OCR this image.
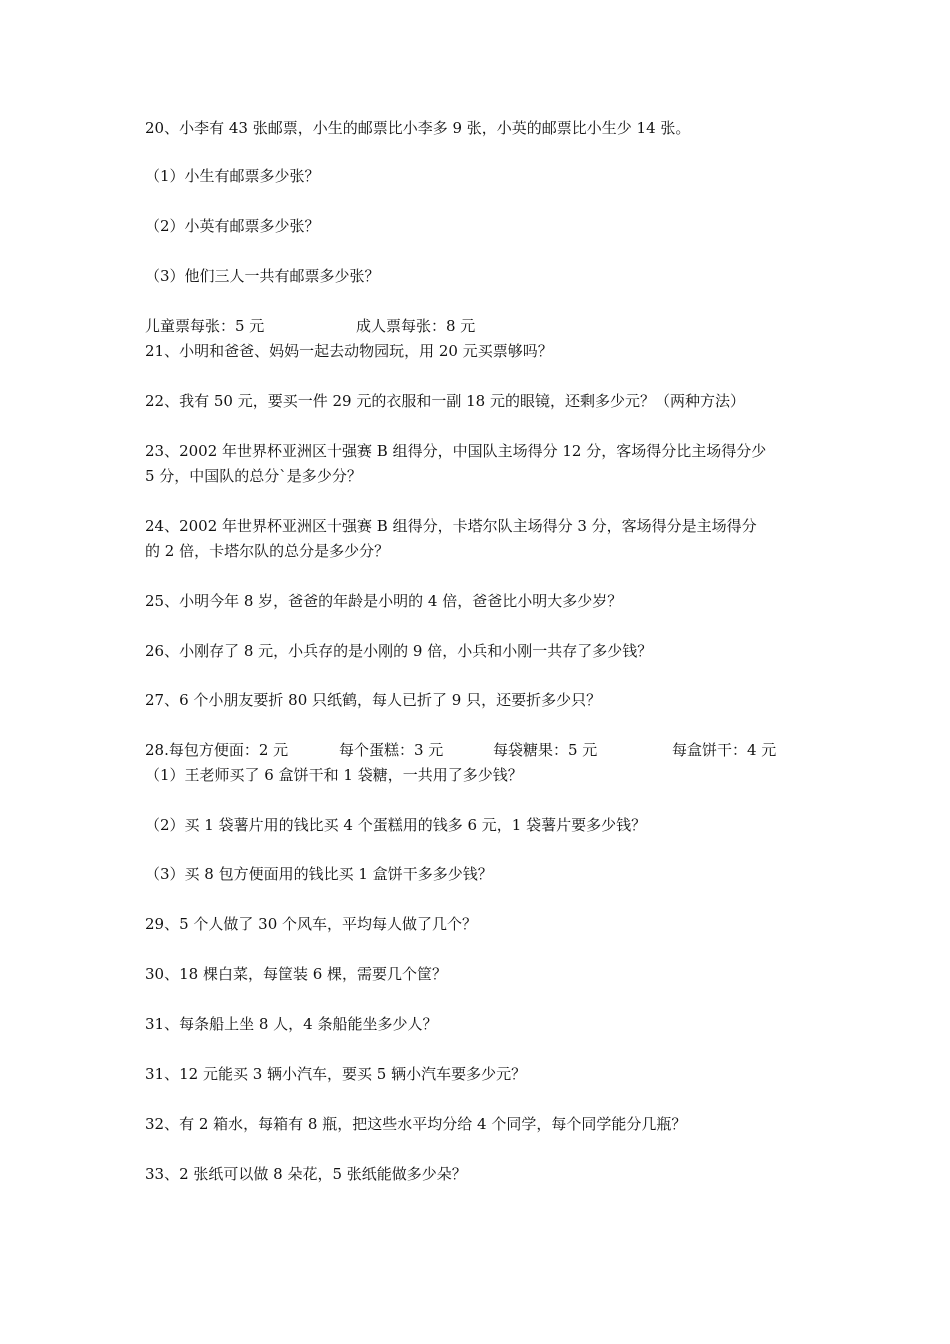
20、小李有 43 张邮票，小生的邮票比小李多 9 张，小英的邮票比小生少 14 张。
（1）小生有邮票多少张？
（2）小英有邮票多少张？
（3）他们三人一共有邮票多少张？
儿童票每张：5 元	成人票每张：8 元
21、小明和爸爸、妈妈一起去动物园玩，用 20 元买票够吗？
22、我有 50 元，要买一件 29 元的衣服和一副 18 元的眼镜，还剩多少元？（两种方法）
23、2002 年世界杯亚洲区十强赛 B 组得分，中国队主场得分 12 分，客场得分比主场得分少
5 分，中国队的总分`是多少分？
24、2002 年世界杯亚洲区十强赛 B 组得分，卡塔尔队主场得分 3 分，客场得分是主场得分
的 2 倍，卡塔尔队的总分是多少分？
25、小明今年 8 岁，爸爸的年龄是小明的 4 倍，爸爸比小明大多少岁？
26、小刚存了 8 元，小兵存的是小刚的 9 倍，小兵和小刚一共存了多少钱？
27、6 个小朋友要折 80 只纸鹤，每人已折了 9 只，还要折多少只？
28.每包方便面：2 元	每个蛋糕：3 元	每袋糖果：5 元	每盒饼干：4 元
（1）王老师买了 6 盒饼干和 1 袋糖，一共用了多少钱？
（2）买 1 袋薯片用的钱比买 4 个蛋糕用的钱多 6 元，1 袋薯片要多少钱？
（3）买 8 包方便面用的钱比买 1 盒饼干多多少钱？
29、5 个人做了 30 个风车，平均每人做了几个？
30、18 棵白菜，每筐装 6 棵，需要几个筐？
31、每条船上坐 8 人，4 条船能坐多少人？
31、12 元能买 3 辆小汽车，要买 5 辆小汽车要多少元？
32、有 2 箱水，每箱有 8 瓶，把这些水平均分给 4 个同学，每个同学能分几瓶？
33、2 张纸可以做 8 朵花，5 张纸能做多少朵？
